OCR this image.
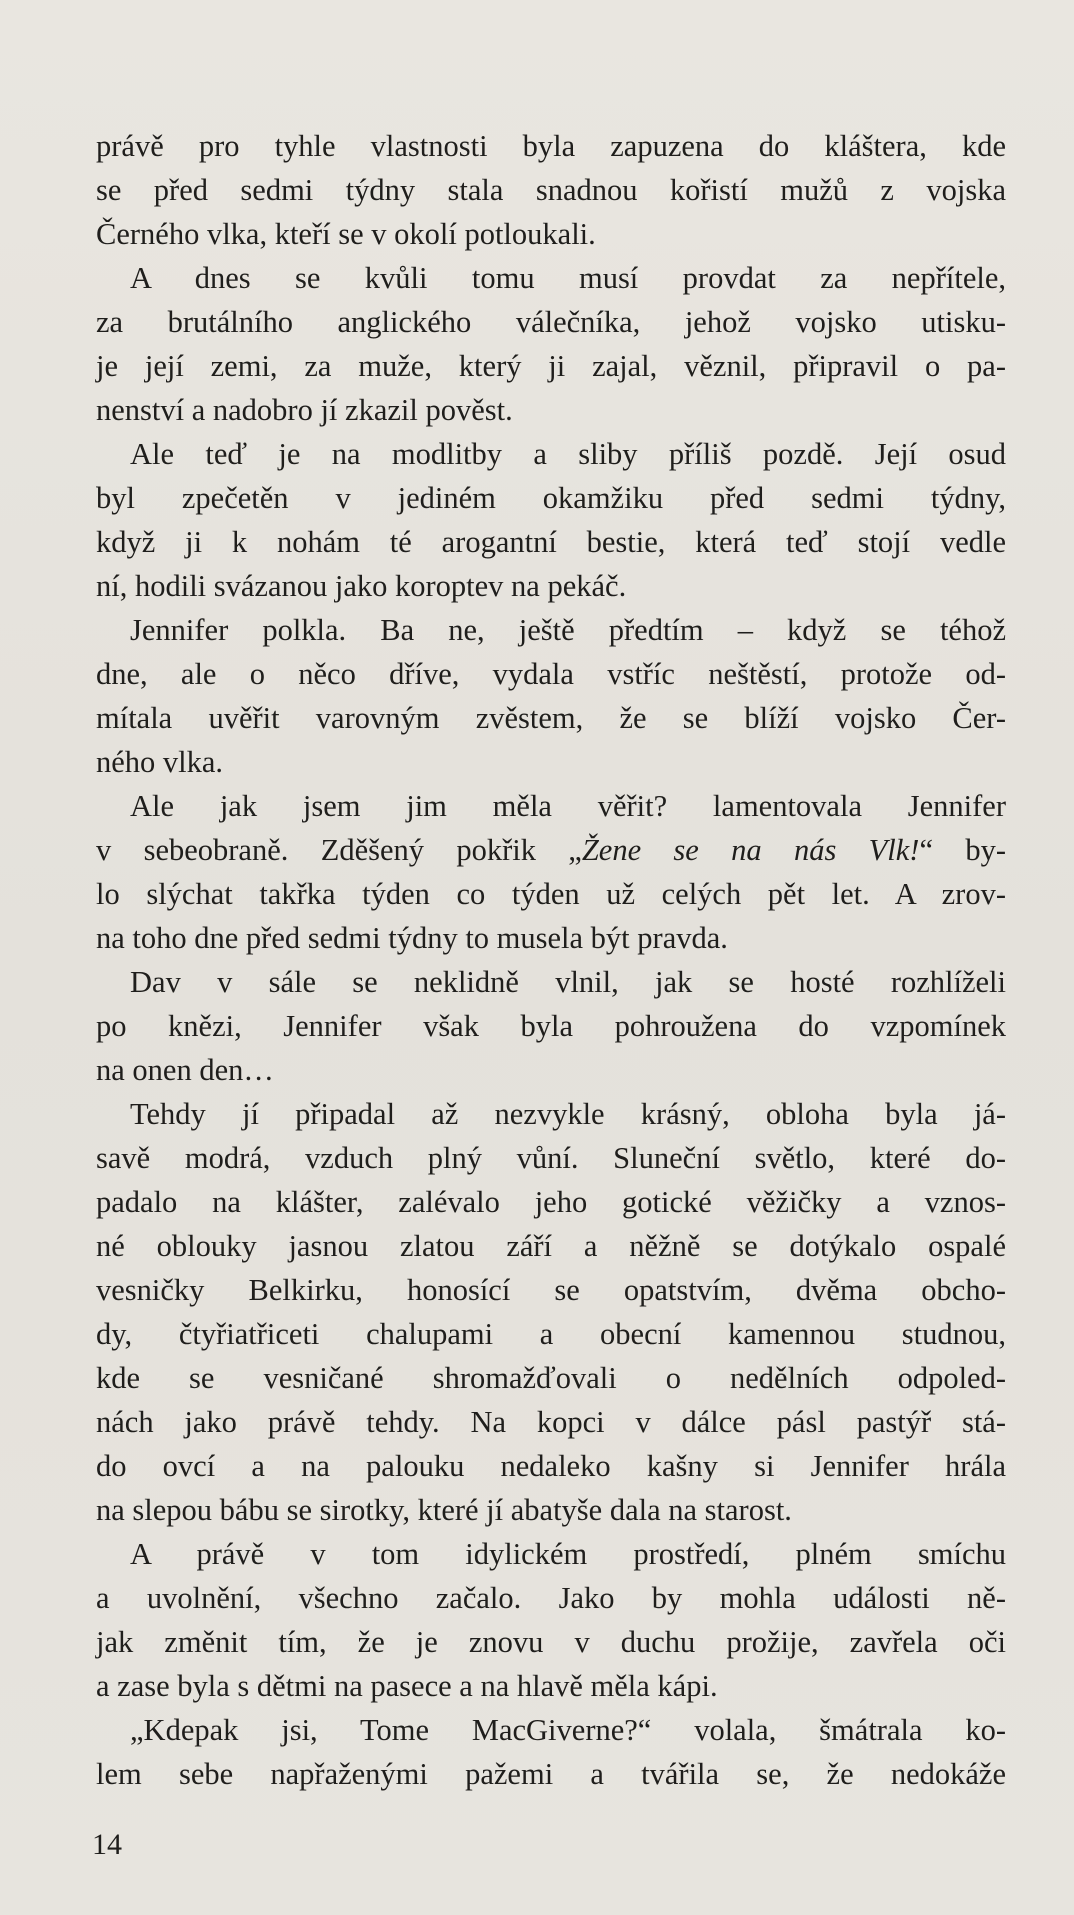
právě pro tyhle vlastnosti byla zapuzena do kláštera, kde
se před sedmi týdny stala snadnou kořistí mužů z vojska
Černého vlka, kteří se v okolí potloukali.
A dnes se kvůli tomu musí provdat za nepřítele,
za brutálního anglického válečníka, jehož vojsko utisku-
je její zemi, za muže, který ji zajal, věznil, připravil o pa-
nenství a nadobro jí zkazil pověst.
Ale teď je na modlitby a sliby příliš pozdě. Její osud
byl zpečetěn v jediném okamžiku před sedmi týdny,
když ji k nohám té arogantní bestie, která teď stojí vedle
ní, hodili svázanou jako koroptev na pekáč.
Jennifer polkla. Ba ne, ještě předtím – když se téhož
dne, ale o něco dříve, vydala vstříc neštěstí, protože od-
mítala uvěřit varovným zvěstem, že se blíží vojsko Čer-
ného vlka.
Ale jak jsem jim měla věřit? lamentovala Jennifer
v sebeobraně. Zděšený pokřik „Žene se na nás Vlk!“ by-
lo slýchat takřka týden co týden už celých pět let. A zrov-
na toho dne před sedmi týdny to musela být pravda.
Dav v sále se neklidně vlnil, jak se hosté rozhlíželi
po knězi, Jennifer však byla pohroužena do vzpomínek
na onen den…
Tehdy jí připadal až nezvykle krásný, obloha byla já-
savě modrá, vzduch plný vůní. Sluneční světlo, které do-
padalo na klášter, zalévalo jeho gotické věžičky a vznos-
né oblouky jasnou zlatou září a něžně se dotýkalo ospalé
vesničky Belkirku, honosící se opatstvím, dvěma obcho-
dy, čtyřiatřiceti chalupami a obecní kamennou studnou,
kde se vesničané shromažďovali o nedělních odpoled-
nách jako právě tehdy. Na kopci v dálce pásl pastýř stá-
do ovcí a na palouku nedaleko kašny si Jennifer hrála
na slepou bábu se sirotky, které jí abatyše dala na starost.
A právě v tom idylickém prostředí, plném smíchu
a uvolnění, všechno začalo. Jako by mohla události ně-
jak změnit tím, že je znovu v duchu prožije, zavřela oči
a zase byla s dětmi na pasece a na hlavě měla kápi.
„Kdepak jsi, Tome MacGiverne?“ volala, šmátrala ko-
lem sebe napřaženými pažemi a tvářila se, že nedokáže
14
